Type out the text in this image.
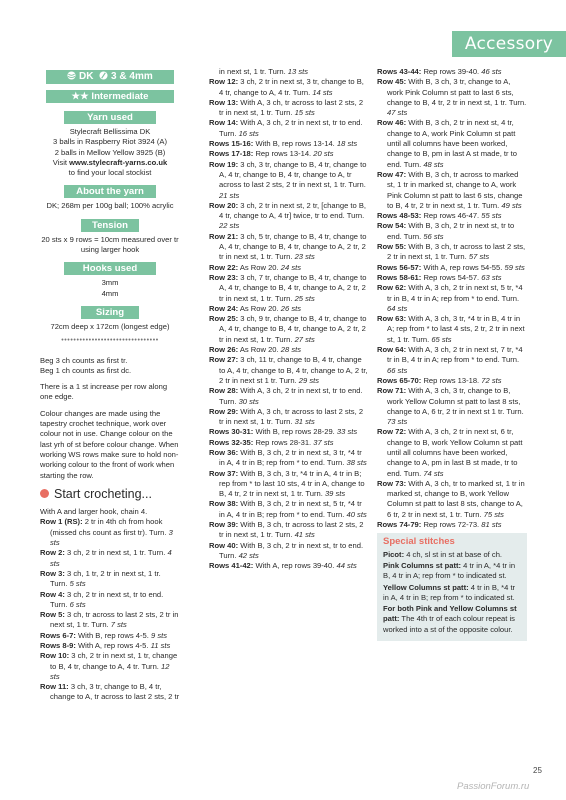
Accessory
DK 3 & 4mm
★★ Intermediate
Yarn used
Stylecraft Bellissima DK
3 balls in Raspberry Riot 3924 (A)
2 balls in Mellow Yellow 3925 (B)
Visit www.stylecraft-yarns.co.uk
to find your local stockist
About the yarn
DK; 268m per 100g ball; 100% acrylic
Tension
20 sts x 9 rows = 10cm measured over tr using larger hook
Hooks used
3mm
4mm
Sizing
72cm deep x 172cm (longest edge)
••••••••••••••••••••••••••••••••
Beg 3 ch counts as first tr.
Beg 1 ch counts as first dc.
There is a 1 st increase per row along one edge.
Colour changes are made using the tapestry crochet technique, work over colour not in use. Change colour on the last yrh of st before colour change. When working WS rows make sure to hold non-working colour to the front of work when starting the row.
Start crocheting...
With A and larger hook, chain 4.
Row 1 (RS): 2 tr in 4th ch from hook (missed chs count as first tr). Turn. 3 sts
Row 2: 3 ch, 2 tr in next st, 1 tr. Turn. 4 sts
Row 3: 3 ch, 1 tr, 2 tr in next st, 1 tr. Turn. 5 sts
Row 4: 3 ch, 2 tr in next st, tr to end. Turn. 6 sts
Row 5: 3 ch, tr across to last 2 sts, 2 tr in next st, 1 tr. Turn. 7 sts
Rows 6-7: With B, rep rows 4-5. 9 sts
Rows 8-9: With A, rep rows 4-5. 11 sts
Row 10: 3 ch, 2 tr in next st, 1 tr, change to B, 4 tr, change to A, 4 tr. Turn. 12 sts
Row 11: 3 ch, 3 tr, change to B, 4 tr, change to A, tr across to last 2 sts, 2 tr
in next st, 1 tr. Turn. 13 sts
Row 12: 3 ch, 2 tr in next st, 3 tr, change to B, 4 tr, change to A, 4 tr. Turn. 14 sts
Row 13: With A, 3 ch, tr across to last 2 sts, 2 tr in next st, 1 tr. Turn. 15 sts
Row 14: With A, 3 ch, 2 tr in next st, tr to end. Turn. 16 sts
Rows 15-16: With B, rep rows 13-14. 18 sts
Rows 17-18: Rep rows 13-14. 20 sts
Row 19: 3 ch, 3 tr, change to B, 4 tr, change to A, 4 tr, change to B, 4 tr, change to A, tr across to last 2 sts, 2 tr in next st, 1 tr. Turn. 21 sts
Row 20: 3 ch, 2 tr in next st, 2 tr, [change to B, 4 tr, change to A, 4 tr] twice, tr to end. Turn. 22 sts
Row 21: 3 ch, 5 tr, change to B, 4 tr, change to A, 4 tr, change to B, 4 tr, change to A, 2 tr, 2 tr in next st, 1 tr. Turn. 23 sts
Row 22: As Row 20. 24 sts
Row 23: 3 ch, 7 tr, change to B, 4 tr, change to A, 4 tr, change to B, 4 tr, change to A, 2 tr, 2 tr in next st, 1 tr. Turn. 25 sts
Row 24: As Row 20. 26 sts
Row 25: 3 ch, 9 tr, change to B, 4 tr, change to A, 4 tr, change to B, 4 tr, change to A, 2 tr, 2 tr in next st, 1 tr. Turn. 27 sts
Row 26: As Row 20. 28 sts
Row 27: 3 ch, 11 tr, change to B, 4 tr, change to A, 4 tr, change to B, 4 tr, change to A, 2 tr, 2 tr in next st 1 tr. Turn. 29 sts
Row 28: With A, 3 ch, 2 tr in next st, tr to end. Turn. 30 sts
Row 29: With A, 3 ch, tr across to last 2 sts, 2 tr in next st, 1 tr. Turn. 31 sts
Rows 30-31: With B, rep rows 28-29. 33 sts
Rows 32-35: Rep rows 28-31. 37 sts
Row 36: With B, 3 ch, 2 tr in next st, 3 tr, *4 tr in A, 4 tr in B; rep from * to end. Turn. 38 sts
Row 37: With B, 3 ch, 3 tr, *4 tr in A, 4 tr in B; rep from * to last 10 sts, 4 tr in A, change to B, 4 tr, 2 tr in next st, 1 tr. Turn. 39 sts
Row 38: With B, 3 ch, 2 tr in next st, 5 tr, *4 tr in A, 4 tr in B; rep from * to end. Turn. 40 sts
Row 39: With B, 3 ch, tr across to last 2 sts, 2 tr in next st, 1 tr. Turn. 41 sts
Row 40: With B, 3 ch, 2 tr in next st, tr to end. Turn. 42 sts
Rows 41-42: With A, rep rows 39-40. 44 sts
Rows 43-44: Rep rows 39-40. 46 sts
Row 45: With B, 3 ch, 3 tr, change to A, work Pink Column st patt to last 6 sts, change to B, 4 tr, 2 tr in next st, 1 tr. Turn. 47 sts
Row 46: With B, 3 ch, 2 tr in next st, 4 tr, change to A, work Pink Column st patt until all columns have been worked, change to B, pm in last A st made, tr to end. Turn. 48 sts
Row 47: With B, 3 ch, tr across to marked st, 1 tr in marked st, change to A, work Pink Column st patt to last 6 sts, change to B, 4 tr, 2 tr in next st, 1 tr. Turn. 49 sts
Rows 48-53: Rep rows 46-47. 55 sts
Row 54: With B, 3 ch, 2 tr in next st, tr to end. Turn. 56 sts
Row 55: With B, 3 ch, tr across to last 2 sts, 2 tr in next st, 1 tr. Turn. 57 sts
Rows 56-57: With A, rep rows 54-55. 59 sts
Rows 58-61: Rep rows 54-57. 63 sts
Row 62: With A, 3 ch, 2 tr in next st, 5 tr, *4 tr in B, 4 tr in A; rep from * to end. Turn. 64 sts
Row 63: With A, 3 ch, 3 tr, *4 tr in B, 4 tr in A; rep from * to last 4 sts, 2 tr, 2 tr in next st, 1 tr. Turn. 65 sts
Row 64: With A, 3 ch, 2 tr in next st, 7 tr, *4 tr in B, 4 tr in A; rep from * to end. Turn. 66 sts
Rows 65-70: Rep rows 13-18. 72 sts
Row 71: With A, 3 ch, 3 tr, change to B, work Yellow Column st patt to last 8 sts, change to A, 6 tr, 2 tr in next st 1 tr. Turn. 73 sts
Row 72: With A, 3 ch, 2 tr in next st, 6 tr, change to B, work Yellow Column st patt until all columns have been worked, change to A, pm in last B st made, tr to end. Turn. 74 sts
Row 73: With A, 3 ch, tr to marked st, 1 tr in marked st, change to B, work Yellow Column st patt to last 8 sts, change to A, 6 tr, 2 tr in next st, 1 tr. Turn. 75 sts
Rows 74-79: Rep rows 72-73. 81 sts
Special stitches
Picot: 4 ch, sl st in st at base of ch.
Pink Columns st patt: 4 tr in A, *4 tr in B, 4 tr in A; rep from * to indicated st.
Yellow Columns st patt: 4 tr in B, *4 tr in A, 4 tr in B; rep from * to indicated st.
For both Pink and Yellow Columns st patt: The 4th tr of each colour repeat is worked into a st of the opposite colour.
25
PassionForum.ru
